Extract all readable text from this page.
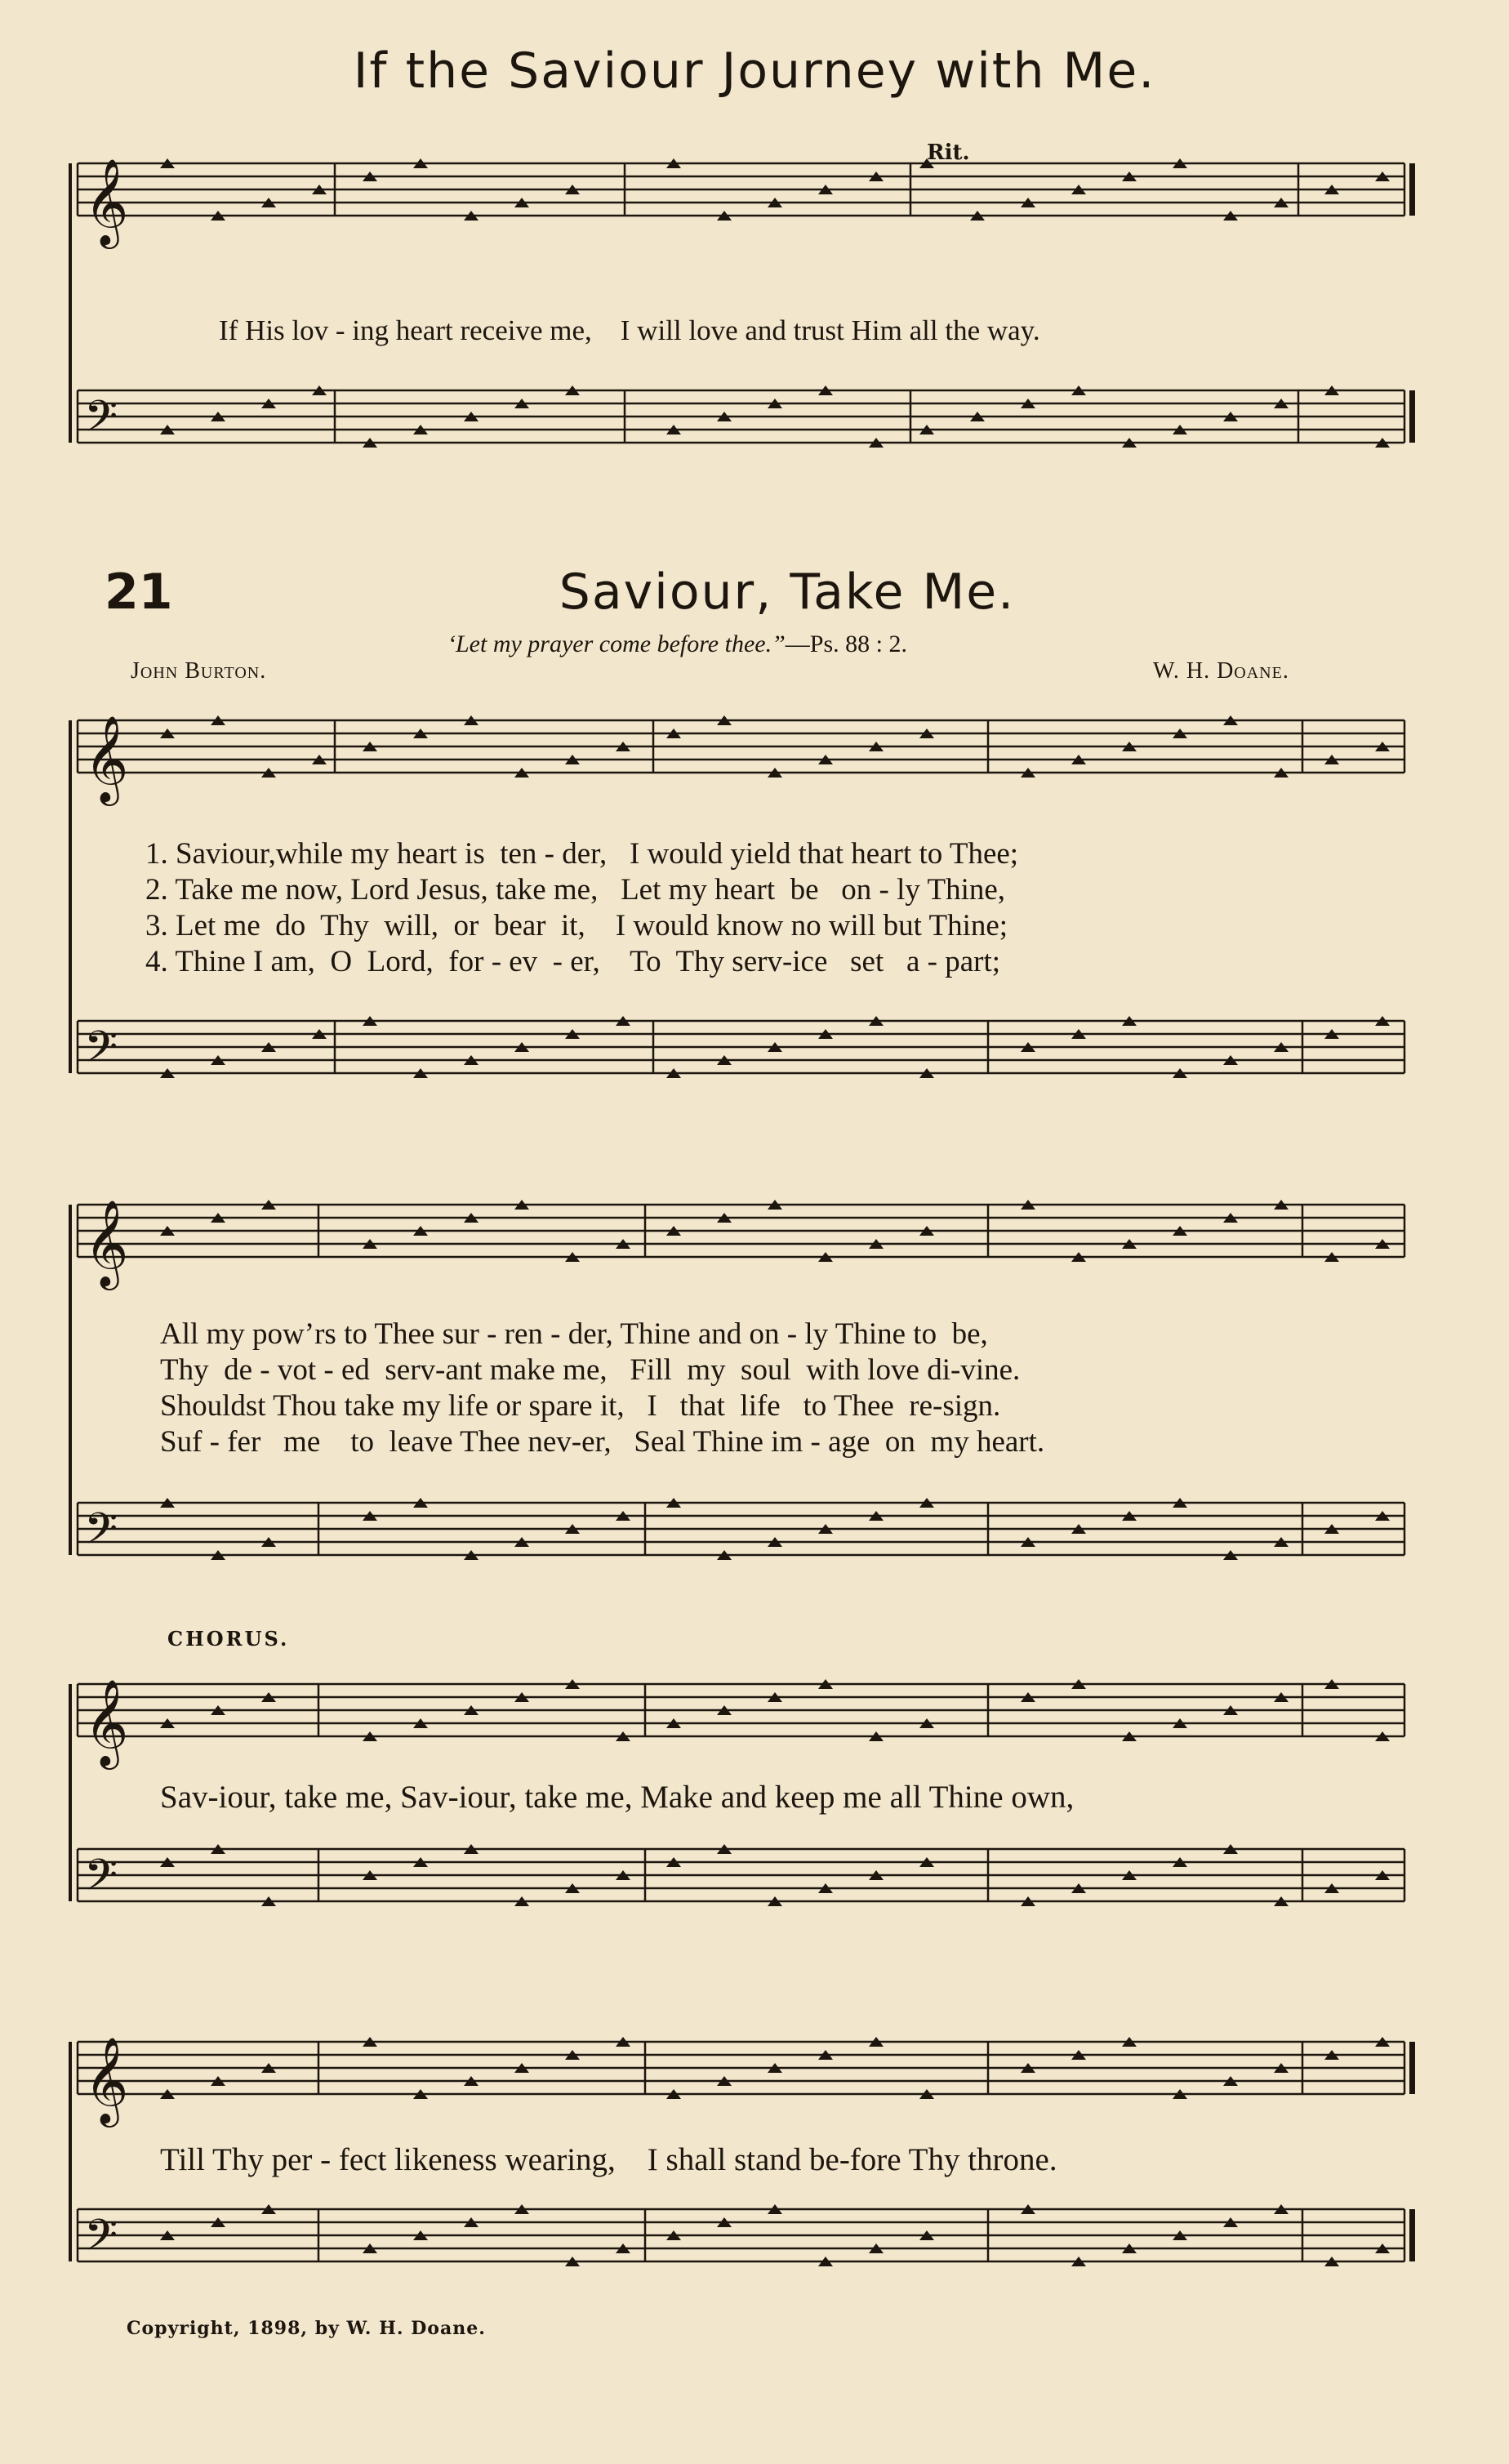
If the Saviour Journey with Me.
𝄞
𝄢
𝄞
𝄢
𝄞
𝄢
𝄞
𝄢
𝄞
𝄢
Rit.
If His lov - ing heart receive me,    I will love and trust Him all the way.
21	Saviour, Take Me.
‘Let my prayer come before thee.”—Ps. 88 : 2.
John Burton.	W. H. Doane.
1. Saviour,while my heart is  ten - der,   I would yield that heart to Thee;
2. Take me now, Lord Jesus, take me,   Let my heart  be   on - ly Thine,
3. Let me  do  Thy  will,  or  bear  it,    I would know no will but Thine;
4. Thine I am,  O  Lord,  for - ev  - er,    To  Thy serv-ice   set   a - part;
All my pow’rs to Thee sur - ren - der, Thine and on - ly Thine to  be,
Thy  de - vot - ed  serv-ant make me,   Fill  my  soul  with love di-vine.
Shouldst Thou take my life or spare it,   I   that  life   to Thee  re-sign.
Suf - fer   me    to  leave Thee nev-er,   Seal Thine im - age  on  my heart.
CHORUS.
Sav-iour, take me, Sav-iour, take me, Make and keep me all Thine own,
Till Thy per - fect likeness wearing,    I shall stand be-fore Thy throne.
Copyright, 1898, by W. H. Doane.
